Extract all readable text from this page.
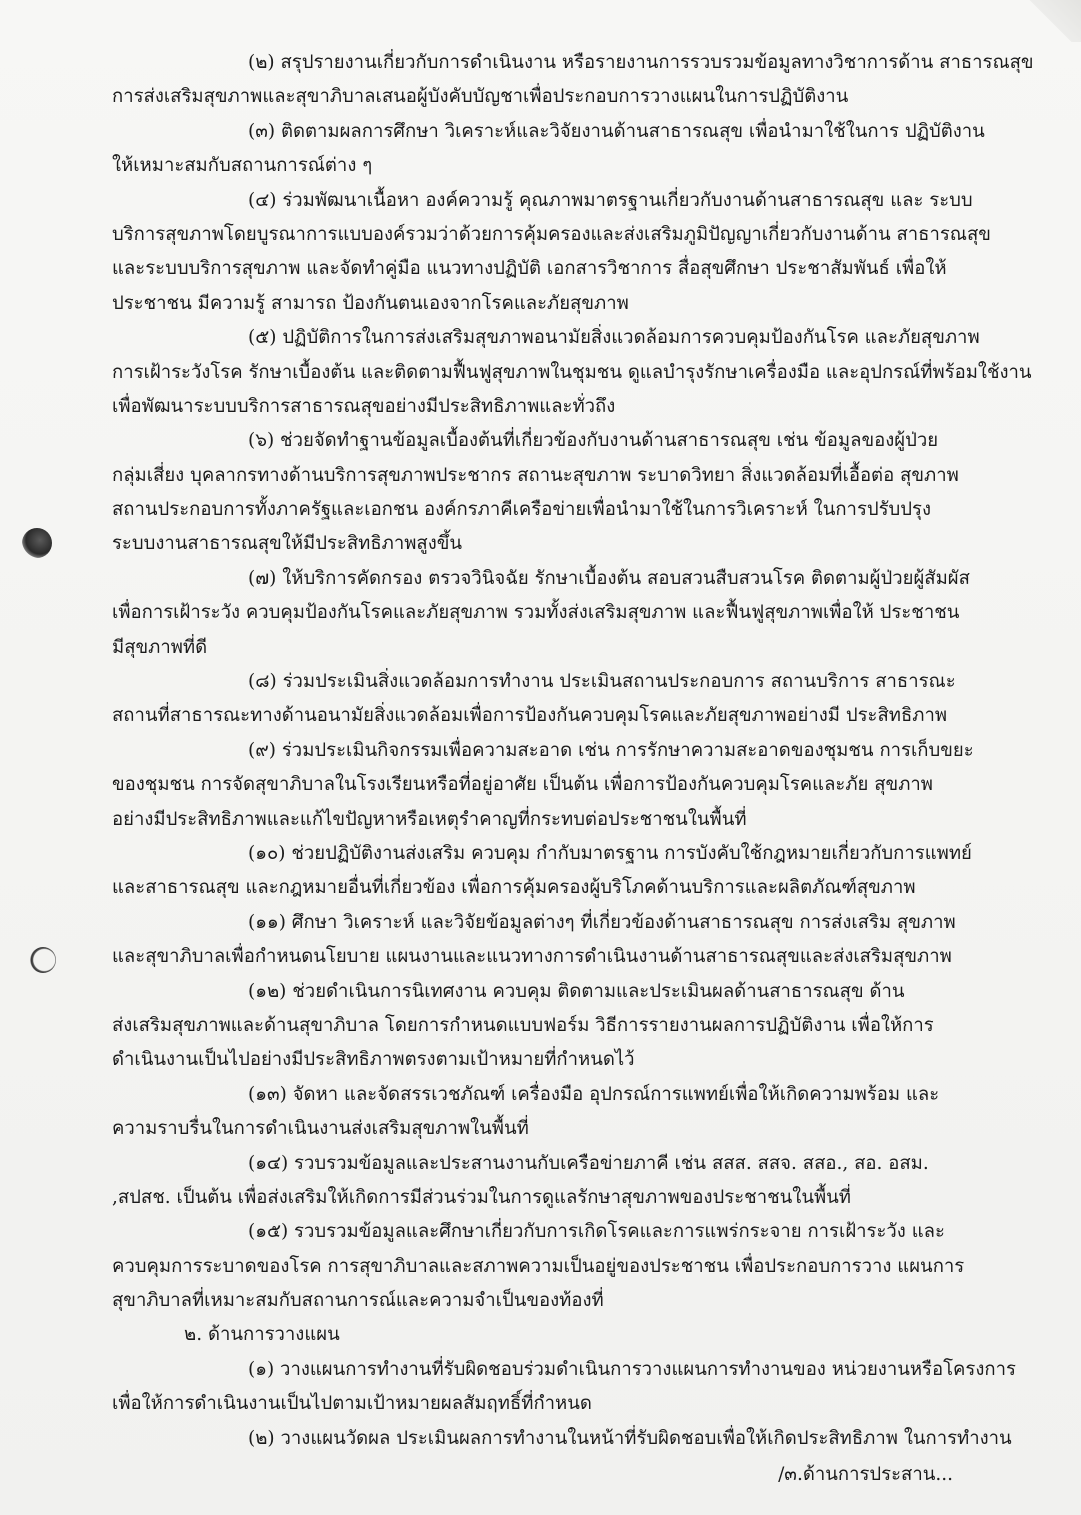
(๒) สรุปรายงานเกี่ยวกับการดำเนินงาน หรือรายงานการรวบรวมข้อมูลทางวิชาการด้าน สาธารณสุข
การส่งเสริมสุขภาพและสุขาภิบาลเสนอผู้บังคับบัญชาเพื่อประกอบการวางแผนในการปฏิบัติงาน
(๓) ติดตามผลการศึกษา วิเคราะห์และวิจัยงานด้านสาธารณสุข เพื่อนำมาใช้ในการ ปฏิบัติงาน
ให้เหมาะสมกับสถานการณ์ต่าง ๆ
(๔) ร่วมพัฒนาเนื้อหา องค์ความรู้ คุณภาพมาตรฐานเกี่ยวกับงานด้านสาธารณสุข และ ระบบ
บริการสุขภาพโดยบูรณาการแบบองค์รวมว่าด้วยการคุ้มครองและส่งเสริมภูมิปัญญาเกี่ยวกับงานด้าน สาธารณสุข
และระบบบริการสุขภาพ และจัดทำคู่มือ แนวทางปฏิบัติ เอกสารวิชาการ สื่อสุขศึกษา ประชาสัมพันธ์ เพื่อให้
ประชาชน มีความรู้ สามารถ ป้องกันตนเองจากโรคและภัยสุขภาพ
(๕) ปฏิบัติการในการส่งเสริมสุขภาพอนามัยสิ่งแวดล้อมการควบคุมป้องกันโรค และภัยสุขภาพ
การเฝ้าระวังโรค รักษาเบื้องต้น และติดตามฟื้นฟูสุขภาพในชุมชน ดูแลบำรุงรักษาเครื่องมือ และอุปกรณ์ที่พร้อมใช้งาน
เพื่อพัฒนาระบบบริการสาธารณสุขอย่างมีประสิทธิภาพและทั่วถึง
(๖) ช่วยจัดทำฐานข้อมูลเบื้องต้นที่เกี่ยวข้องกับงานด้านสาธารณสุข เช่น ข้อมูลของผู้ป่วย
กลุ่มเสี่ยง บุคลากรทางด้านบริการสุขภาพประชากร สถานะสุขภาพ ระบาดวิทยา สิ่งแวดล้อมที่เอื้อต่อ สุขภาพ
สถานประกอบการทั้งภาครัฐและเอกชน องค์กรภาคีเครือข่ายเพื่อนำมาใช้ในการวิเคราะห์ ในการปรับปรุง
ระบบงานสาธารณสุขให้มีประสิทธิภาพสูงขึ้น
(๗) ให้บริการคัดกรอง ตรวจวินิจฉัย รักษาเบื้องต้น สอบสวนสืบสวนโรค ติดตามผู้ป่วยผู้สัมผัส
เพื่อการเฝ้าระวัง ควบคุมป้องกันโรคและภัยสุขภาพ รวมทั้งส่งเสริมสุขภาพ และฟื้นฟูสุขภาพเพื่อให้ ประชาชน
มีสุขภาพที่ดี
(๘) ร่วมประเมินสิ่งแวดล้อมการทำงาน ประเมินสถานประกอบการ สถานบริการ สาธารณะ
สถานที่สาธารณะทางด้านอนามัยสิ่งแวดล้อมเพื่อการป้องกันควบคุมโรคและภัยสุขภาพอย่างมี ประสิทธิภาพ
(๙) ร่วมประเมินกิจกรรมเพื่อความสะอาด เช่น การรักษาความสะอาดของชุมชน การเก็บขยะ
ของชุมชน การจัดสุขาภิบาลในโรงเรียนหรือที่อยู่อาศัย เป็นต้น เพื่อการป้องกันควบคุมโรคและภัย สุขภาพ
อย่างมีประสิทธิภาพและแก้ไขปัญหาหรือเหตุรำคาญที่กระทบต่อประชาชนในพื้นที่
(๑๐) ช่วยปฏิบัติงานส่งเสริม ควบคุม กำกับมาตรฐาน การบังคับใช้กฎหมายเกี่ยวกับการแพทย์
และสาธารณสุข และกฎหมายอื่นที่เกี่ยวข้อง เพื่อการคุ้มครองผู้บริโภคด้านบริการและผลิตภัณฑ์สุขภาพ
(๑๑) ศึกษา วิเคราะห์ และวิจัยข้อมูลต่างๆ ที่เกี่ยวข้องด้านสาธารณสุข การส่งเสริม สุขภาพ
และสุขาภิบาลเพื่อกำหนดนโยบาย แผนงานและแนวทางการดำเนินงานด้านสาธารณสุขและส่งเสริมสุขภาพ
(๑๒) ช่วยดำเนินการนิเทศงาน ควบคุม ติดตามและประเมินผลด้านสาธารณสุข ด้าน
ส่งเสริมสุขภาพและด้านสุขาภิบาล โดยการกำหนดแบบฟอร์ม วิธีการรายงานผลการปฏิบัติงาน เพื่อให้การ
ดำเนินงานเป็นไปอย่างมีประสิทธิภาพตรงตามเป้าหมายที่กำหนดไว้
(๑๓) จัดหา และจัดสรรเวชภัณฑ์ เครื่องมือ อุปกรณ์การแพทย์เพื่อให้เกิดความพร้อม และ
ความราบรื่นในการดำเนินงานส่งเสริมสุขภาพในพื้นที่
(๑๔) รวบรวมข้อมูลและประสานงานกับเครือข่ายภาคี เช่น สสส. สสจ. สสอ., สอ. อสม.
,สปสช. เป็นต้น เพื่อส่งเสริมให้เกิดการมีส่วนร่วมในการดูแลรักษาสุขภาพของประชาชนในพื้นที่
(๑๕) รวบรวมข้อมูลและศึกษาเกี่ยวกับการเกิดโรคและการแพร่กระจาย การเฝ้าระวัง และ
ควบคุมการระบาดของโรค การสุขาภิบาลและสภาพความเป็นอยู่ของประชาชน เพื่อประกอบการวาง แผนการ
สุขาภิบาลที่เหมาะสมกับสถานการณ์และความจำเป็นของท้องที่
๒. ด้านการวางแผน
(๑) วางแผนการทำงานที่รับผิดชอบร่วมดำเนินการวางแผนการทำงานของ หน่วยงานหรือโครงการ
เพื่อให้การดำเนินงานเป็นไปตามเป้าหมายผลสัมฤทธิ์ที่กำหนด
(๒) วางแผนวัดผล ประเมินผลการทำงานในหน้าที่รับผิดชอบเพื่อให้เกิดประสิทธิภาพ ในการทำงาน
/๓.ด้านการประสาน...
